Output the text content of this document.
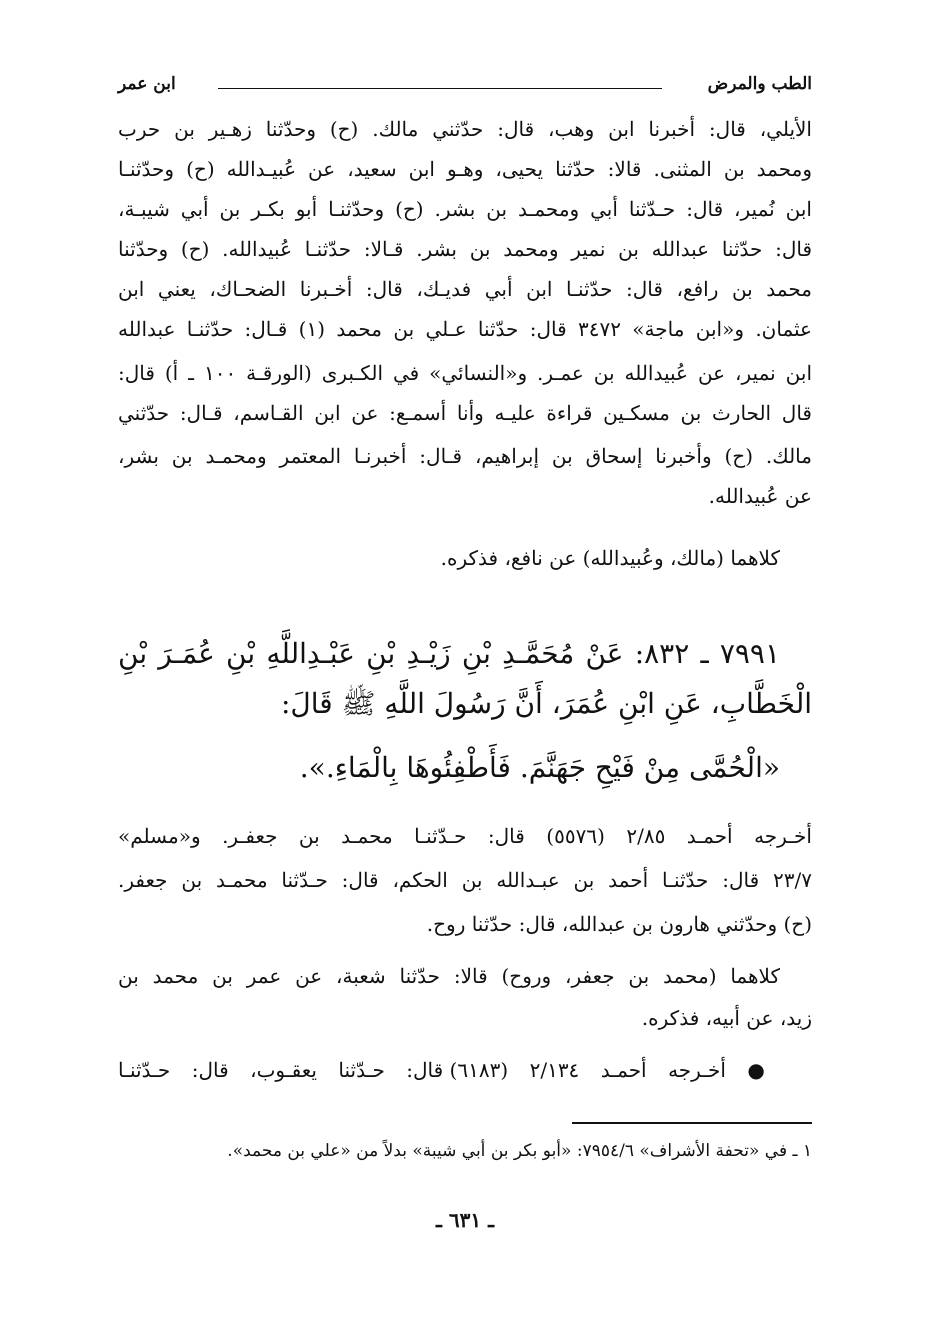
الطب والمرض
ابن عمر
الأيلي، قال: أخبرنا ابن وهب، قال: حدّثني مالك. (ح) وحدّثنا زهـير بن حرب
ومحمد بن المثنى. قالا: حدّثنا يحيى، وهـو ابن سعيد، عن عُبيـدالله (ح) وحدّثنـا
ابن نُمير، قال: حـدّثنا أبي ومحمـد بن بشر. (ح) وحدّثنـا أبو بكـر بن أبي شيبـة،
قال: حدّثنا عبدالله بن نمير ومحمد بن بشر. قـالا: حدّثنـا عُبيدالله. (ح) وحدّثنا
محمد بن رافع، قال: حدّثنـا ابن أبي فديـك، قال: أخـبرنا الضحـاك، يعني ابن
عثمان. و«ابن ماجة» ٣٤٧٢ قال: حدّثنا عـلي بن محمد (١) قـال: حدّثنـا عبدالله
ابن نمير، عن عُبيدالله بن عمـر. و«النسائي» في الكـبرى (الورقـة ١٠٠ ـ أ) قال:
قال الحارث بن مسكـين قراءة عليـه وأنا أسمـع: عن ابن القـاسم، قـال: حدّثني
مالك. (ح) وأخبرنا إسحاق بن إبراهيم، قـال: أخبرنـا المعتمر ومحمـد بن بشر،
عن عُبيدالله.
كلاهما (مالك، وعُبيدالله) عن نافع، فذكره.
٧٩٩١ ـ ٨٣٢: عَنْ مُحَمَّـدِ بْنِ زَيْـدِ بْنِ عَبْـدِاللَّهِ بْنِ عُمَـرَ بْنِ
الْخَطَّابِ، عَنِ ابْنِ عُمَرَ، أَنَّ رَسُولَ اللَّهِ ﷺ قَالَ:
«الْحُمَّى مِنْ فَيْحِ جَهَنَّمَ. فَأَطْفِئُوهَا بِالْمَاءِ.».
أخـرجه أحمـد ٢/٨٥ (٥٥٧٦) قال: حـدّثنـا محمـد بن جعفـر. و«مسلم»
٢٣/٧ قال: حدّثنـا أحمد بن عبـدالله بن الحكم، قال: حـدّثنا محمـد بن جعفر.
(ح) وحدّثني هارون بن عبدالله، قال: حدّثنا روح.
كلاهما (محمد بن جعفر، وروح) قالا: حدّثنا شعبة، عن عمر بن محمد بن
زيد، عن أبيه، فذكره.
● أخـرجه أحمـد ٢/١٣٤ (٦١٨٣) قال: حـدّثنا يعقـوب، قال: حـدّثنـا
١ ـ في «تحفة الأشراف» ٧٩٥٤/٦: «أبو بكر بن أبي شيبة» بدلاً من «علي بن محمد».
ـ ٦٣١ ـ
